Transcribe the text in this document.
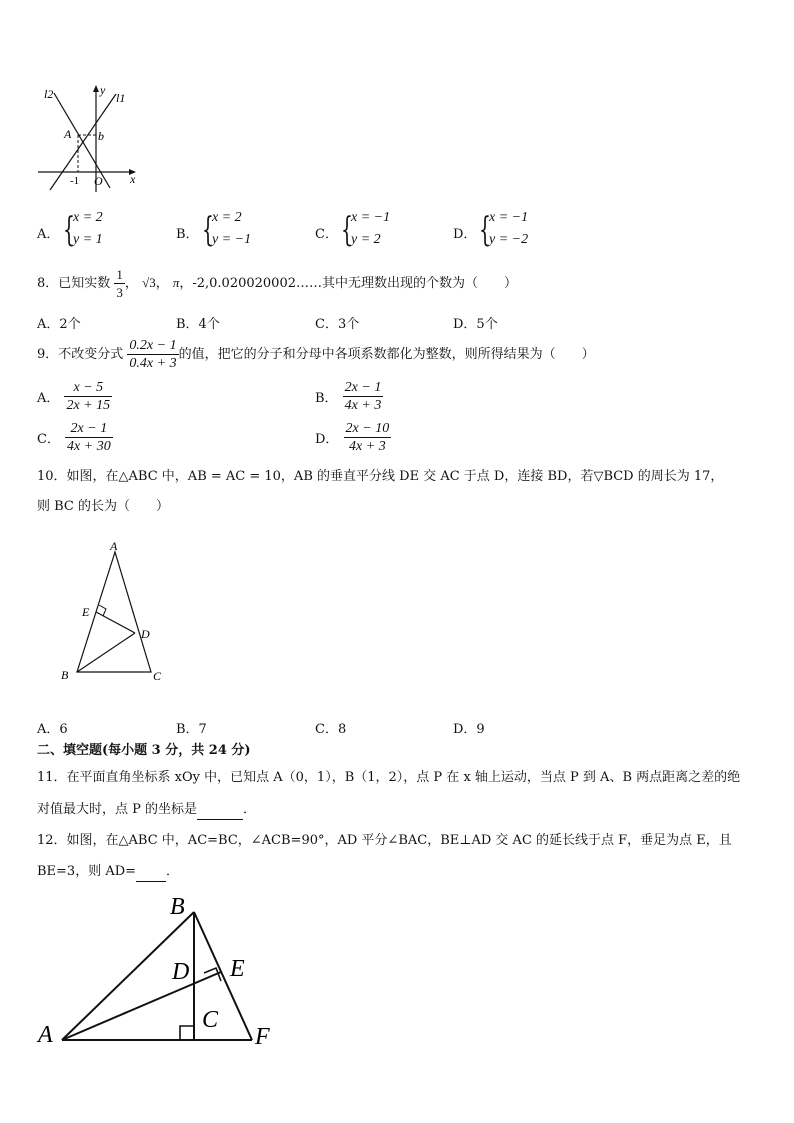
l2	l1
y
x
A b
-1 O
A． {
x = 2
y = 1	B． {
x = 2
y = −1	C． {
x = −1
y = 2	D． {
x = −1
y = −2
8．已知实数 $\frac{1}{3}$ ， √3， π，-2,0.020020002……其中无理数出现的个数为（　　）
A．2个	B．4个	C．3个	D．5个
9．不改变分式 $\frac{0.2x - 1}{0.4x + 3}$ 的值，把它的分子和分母中各项系数都化为整数，则所得结果为（　　）
A． $\frac{x - 5}{2x + 15}$	B． $\frac{2x - 1}{4x + 3}$
C． $\frac{2x - 1}{4x + 30}$	D． $\frac{2x - 10}{4x + 3}$
10．如图，在△ABC 中，AB = AC = 10，AB 的垂直平分线 DE 交 AC 于点 D，连接 BD，若▽BCD 的周长为 17，
则 BC 的长为（　　）
A
E
D
B	C
A．6	B．7	C．8	D．9
二、填空题(每小题 3 分，共 24 分)
11．在平面直角坐标系 xOy 中，已知点 A（0，1），B（1，2），点 P 在 x 轴上运动，当点 P 到 A、B 两点距离之差的绝
对值最大时，点 P 的坐标是	．
12．如图，在△ABC 中，AC=BC，∠ACB=90°，AD 平分∠BAC，BE⊥AD 交 AC 的延长线于点 F，垂足为点 E，且
BE=3，则 AD= ．
B
D E
A
C
F
